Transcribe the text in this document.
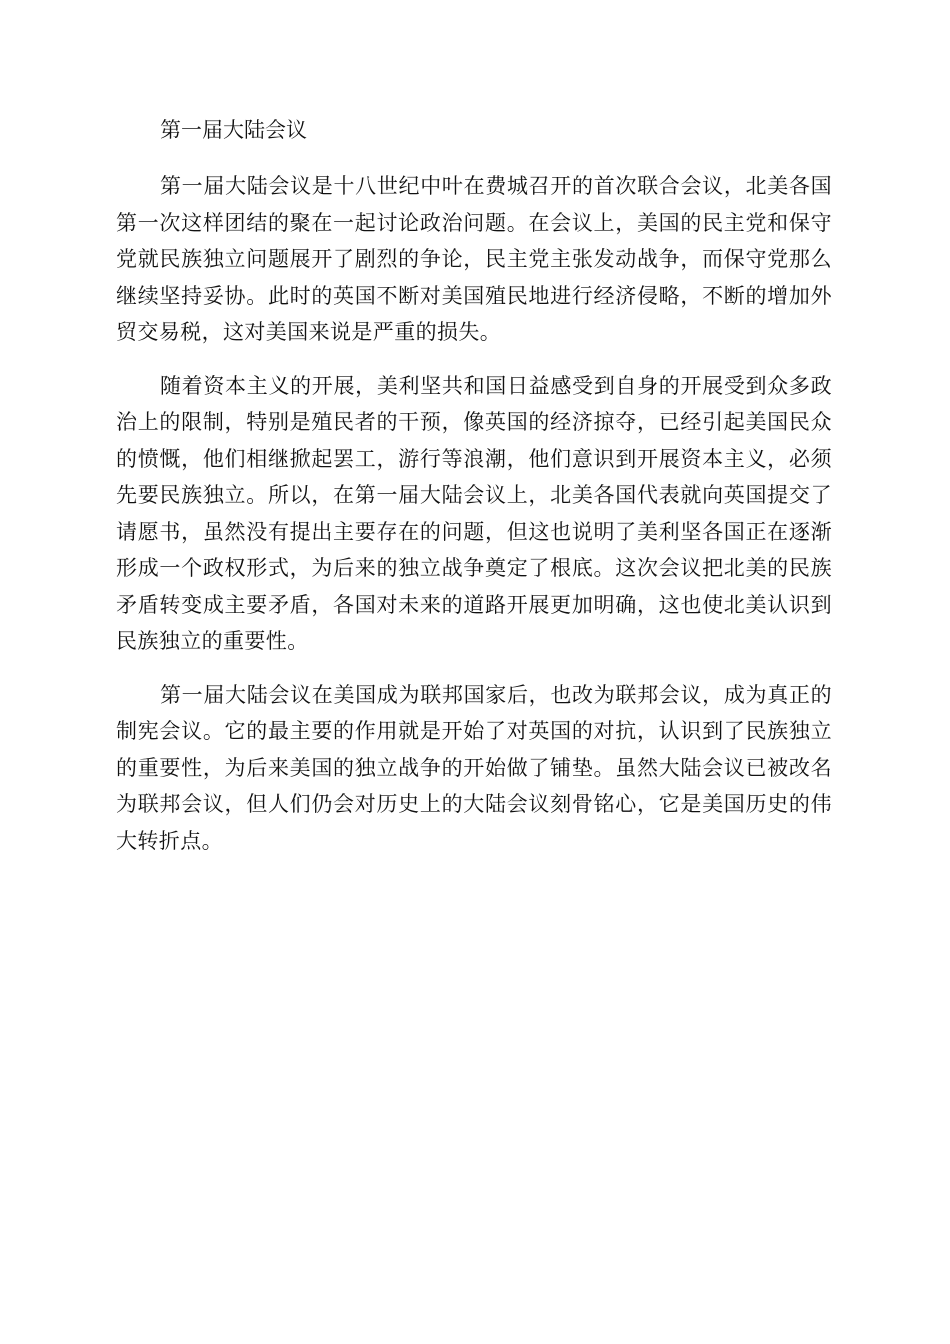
第一届大陆会议

第一届大陆会议是十八世纪中叶在费城召开的首次联合会议，北美各国第一次这样团结的聚在一起讨论政治问题。在会议上，美国的民主党和保守党就民族独立问题展开了剧烈的争论，民主党主张发动战争，而保守党那么继续坚持妥协。此时的英国不断对美国殖民地进行经济侵略，不断的增加外贸交易税，这对美国来说是严重的损失。

随着资本主义的开展，美利坚共和国日益感受到自身的开展受到众多政治上的限制，特别是殖民者的干预，像英国的经济掠夺，已经引起美国民众的愤慨，他们相继掀起罢工，游行等浪潮，他们意识到开展资本主义，必须先要民族独立。所以，在第一届大陆会议上，北美各国代表就向英国提交了请愿书，虽然没有提出主要存在的问题，但这也说明了美利坚各国正在逐渐形成一个政权形式，为后来的独立战争奠定了根底。这次会议把北美的民族矛盾转变成主要矛盾，各国对未来的道路开展更加明确，这也使北美认识到民族独立的重要性。

第一届大陆会议在美国成为联邦国家后，也改为联邦会议，成为真正的制宪会议。它的最主要的作用就是开始了对英国的对抗，认识到了民族独立的重要性，为后来美国的独立战争的开始做了铺垫。虽然大陆会议已被改名为联邦会议，但人们仍会对历史上的大陆会议刻骨铭心，它是美国历史的伟大转折点。
